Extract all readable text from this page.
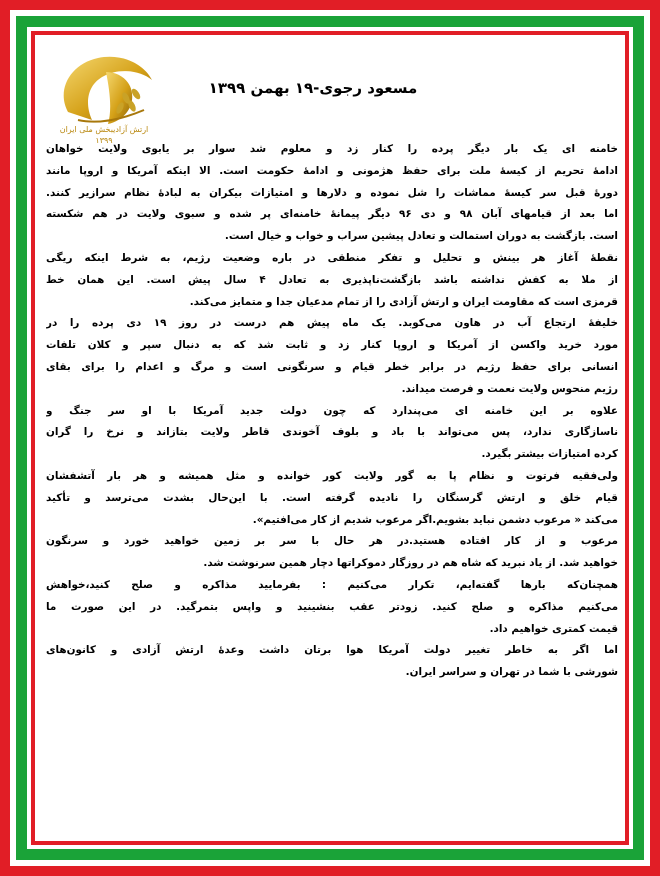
ارتش آزادیبخش ملی ایران
۱۳۹۹
مسعود رجوی-۱۹ بهمن ۱۳۹۹
خامنه ای یک بار دیگر پرده را کنار زد و معلوم شد سوار بر یابوی ولایت خواهان
ادامهٔ تحریم از کیسهٔ ملت برای حفظ هژمونی و ادامهٔ حکومت است. الا اینکه آمریکا و اروپا مانند
دورهٔ قبل سر کیسهٔ مماشات را شل نموده و دلارها و امتیازات بیکران به لبادهٔ نظام سرازیر کنند.
اما بعد از قیامهای آبان ۹۸ و دی ۹۶ دیگر پیمانهٔ خامنه‌ای پر شده و سبوی ولایت در هم شکسته
است. بازگشت به دوران استمالت و تعادل پیشین سراب و خواب و خیال است.
نقطهٔ آغاز هر بینش و تحلیل و تفکر منطقی در باره وضعیت رژیم، به شرط اینکه ریگی
از ملا به کفش نداشته باشد بازگشت‌ناپذیری به تعادل ۴ سال پیش است. این همان خط
قرمزی است که مقاومت ایران و ارتش آزادی را از تمام مدعیان جدا و متمایز می‌کند.
خلیفهٔ ارتجاع آب در هاون می‌کوبد. یک ماه پیش هم درست در روز ۱۹ دی پرده را در
مورد خرید واکسن از آمریکا و اروپا کنار زد و ثابت شد که به دنبال سپر و کلان تلفات
انسانی برای حفظ رژیم در برابر خطر قیام و سرنگونی است و مرگ و اعدام را برای بقای
رژیم منحوس ولایت نعمت و فرصت میداند.
علاوه بر این خامنه ای می‌پندارد که چون دولت جدید آمریکا با او سر جنگ و
ناسازگاری ندارد، پس می‌تواند با باد و بلوف آخوندی قاطر ولایت بتازاند و نرخ را گران
کرده امتیازات بیشتر بگیرد.
ولی‌فقیه فرتوت و نظام پا به گور ولایت کور خوانده و مثل همیشه و هر بار آتشفشان
قیام خلق و ارتش گرسنگان را نادیده گرفته است. با این‌حال بشدت می‌ترسد و تأکید
می‌کند « مرعوب دشمن نباید بشویم.اگر مرعوب شدیم از کار می‌افتیم».
مرعوب و از کار افتاده هستید.در هر حال با سر بر زمین خواهید خورد و سرنگون
خواهید شد. از یاد نبرید که شاه هم در روزگار دموکراتها دچار همین سرنوشت شد.
همچنان‌که بارها گفته‌ایم، تکرار می‌کنیم : بفرمایید مذاکره و صلح کنید،خواهش
می‌کنیم مذاکره و صلح کنید. زودتر عقب بنشینید و واپس بتمرگید. در این صورت ما
قیمت کمتری خواهیم داد.
اما اگر به خاطر تغییر دولت آمریکا هوا برتان داشت وعدهٔ ارتش آزادی و کانون‌های
شورشی با شما در تهران و سراسر ایران.
